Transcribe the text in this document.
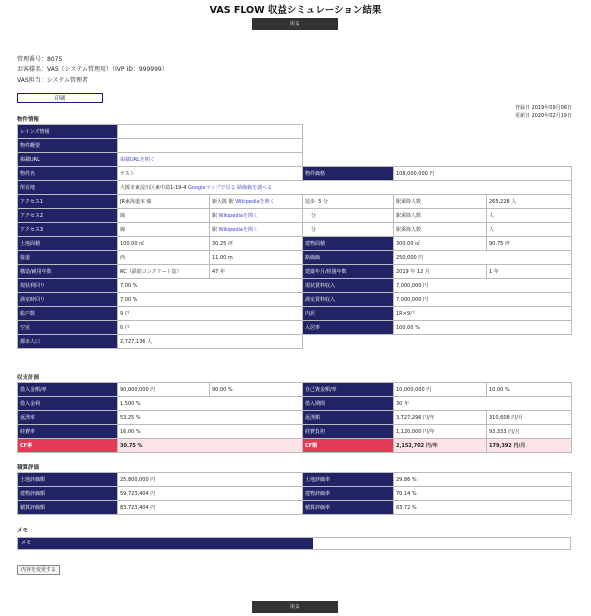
VAS FLOW 収益シミュレーション結果
戻る
管理番号：8075
お客様名：VAS（システム管理用）（IVP ID：999999）
VAS担当：システム管理者
印刷
登録日 2019年09月06日
更新日 2020年02月19日
物件情報
レインズ情報					
物件概要					
掲載URL	掲載URLを開く				
物件名	テスト		物件価格	108,000,000 円	
所在地	大阪市東淀川区東中島1-19-4 Googleマップで見る 路線価を調べる				
アクセス1	JR東海道本 線	新大阪 駅 Wikipediaを開く	徒歩 5 分	駅乗降人数	265,228 人
アクセス2	線	駅 Wikipediaを開く	分	駅乗降人数	人
アクセス3	線	駅 Wikipediaを開く	分	駅乗降人数	人
土地面積	100.00 ㎡	30.25 坪	建物面積	300.00 ㎡	90.75 坪
接道	西	11.00 m	路線価	250,000 円	
構造/耐用年数	RC（鉄筋コンクリート造）	47 年	建築年月/経過年数	2019 年 12 月	1 年
現状利回り	7.00 %		現状賃料収入	7,000,000 円	
満室時回り	7.00 %		満室賃料収入	7,000,000 円	
総戸数	9 戸		内訳	1R×9戸	
空室	0 戸		入居率	100.00 %	
都市人口	2,727,136 人				
収支計画
借入金額/率	90,000,000 円	90.00 %	自己資金額/率	10,000,000 円	10.00 %
借入金利	1.500 %		借入期間	30 年	
返済率	53.25 %		返済額	3,727,296 円/年	310,608 円/月
経費率	16.00 %		経費負担	1,120,000 円/年	93,333 円/月
CF率	30.75 %		CF額	2,152,702 円/年	179,392 円/月
積算評価
土地評価額	25,800,000 円	土地評価率	29.86 %
建物評価額	59,723,404 円	建物評価率	70.14 %
積算評価額	83,723,404 円	積算評価率	83.72 %
メモ
メモ
内容を変更する
戻る
